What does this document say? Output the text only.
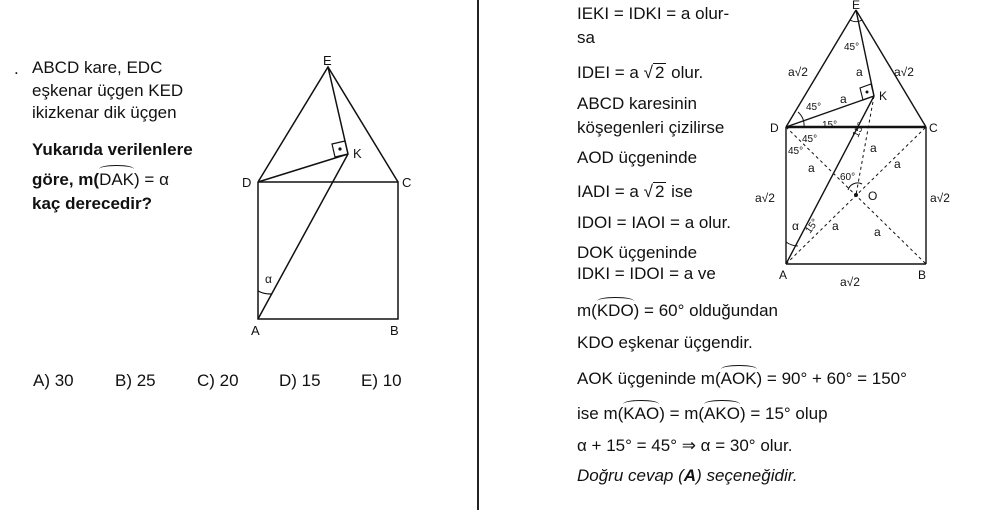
. ABCD kare, EDC
eşkenar üçgen KED
ikizkenar dik üçgen
Yukarıda verilenlere
göre, m(DAK) = α
kaç derecedir?
E
K
D	C
A	B
α
A) 30 B) 25 C) 20 D) 15 E) 10
IEKI = IDKI = a olur-
sa
IDEI = a √ 2 olur.
ABCD karesinin
köşegenleri çizilirse
AOD üçgeninde
IADI = a √ 2 ise
IDOI = IAOI = a olur.
DOK üçgeninde
IDKI = IDOI = a ve
m(KDO) = 60° olduğundan
KDO eşkenar üçgendir.
AOK üçgeninde m(AOK) = 90° + 60° = 150°
ise m(KAO) = m(AKO) = 15° olup
α + 15° = 45° ⇒ α = 30° olur.
Doğru cevap (A) seçeneğidir.
E
K
D	C
O
A	B
a√2	a√2
a√2	a√2
a√2
a
a
a
a
a
a	a
45°
45°
15°
45°
45°
15°
60°
15°
α
